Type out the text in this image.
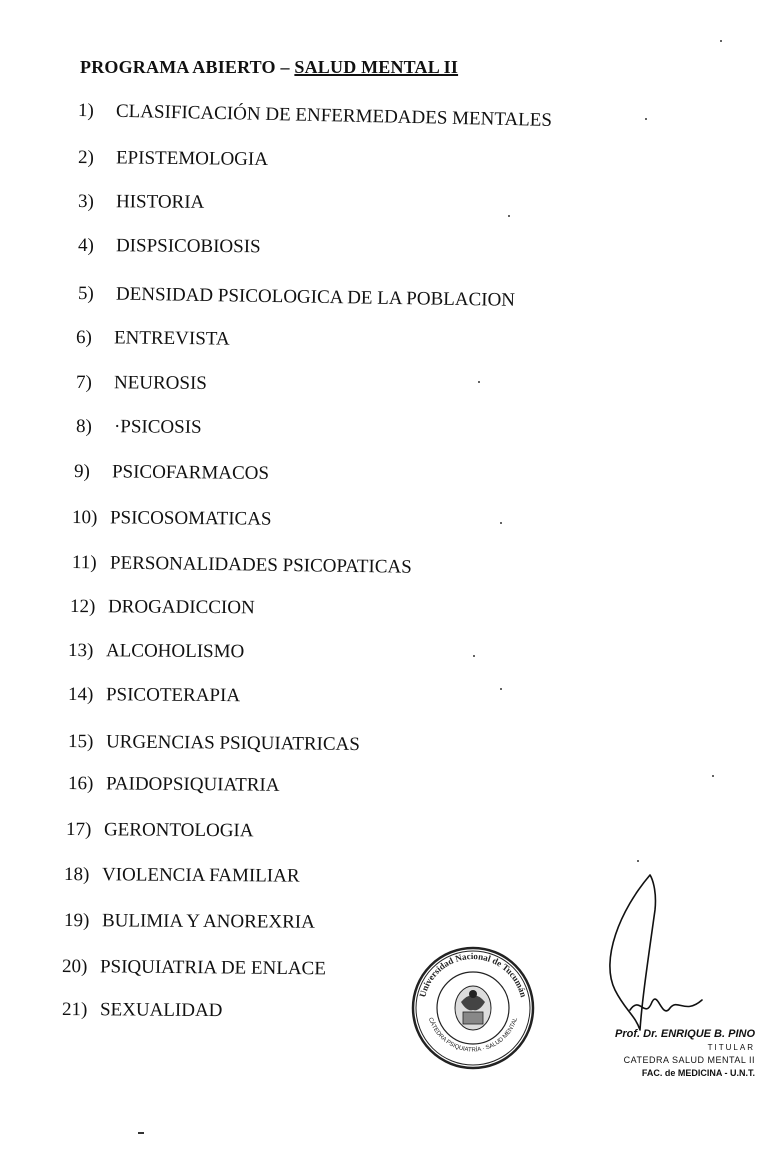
PROGRAMA ABIERTO – SALUD MENTAL II
1) CLASIFICACIÓN DE ENFERMEDADES MENTALES
2) EPISTEMOLOGIA
3) HISTORIA
4) DISPSICOBIOSIS
5) DENSIDAD PSICOLOGICA DE LA POBLACION
6) ENTREVISTA
7) NEUROSIS
8) ·PSICOSIS
9) PSICOFARMACOS
10) PSICOSOMATICAS
11) PERSONALIDADES PSICOPATICAS
12) DROGADICCION
13) ALCOHOLISMO
14) PSICOTERAPIA
15) URGENCIAS PSIQUIATRICAS
16) PAIDOPSIQUIATRIA
17) GERONTOLOGIA
18) VIOLENCIA FAMILIAR
19) BULIMIA Y ANOREXRIA
20) PSIQUIATRIA DE ENLACE
21) SEXUALIDAD
Universidad Nacional de Tucumán
CÁTEDRA PSIQUIATRÍA · SALUD MENTAL
Prof. Dr. ENRIQUE B. PINO
TITULAR
CATEDRA SALUD MENTAL II
FAC. de MEDICINA - U.N.T.
